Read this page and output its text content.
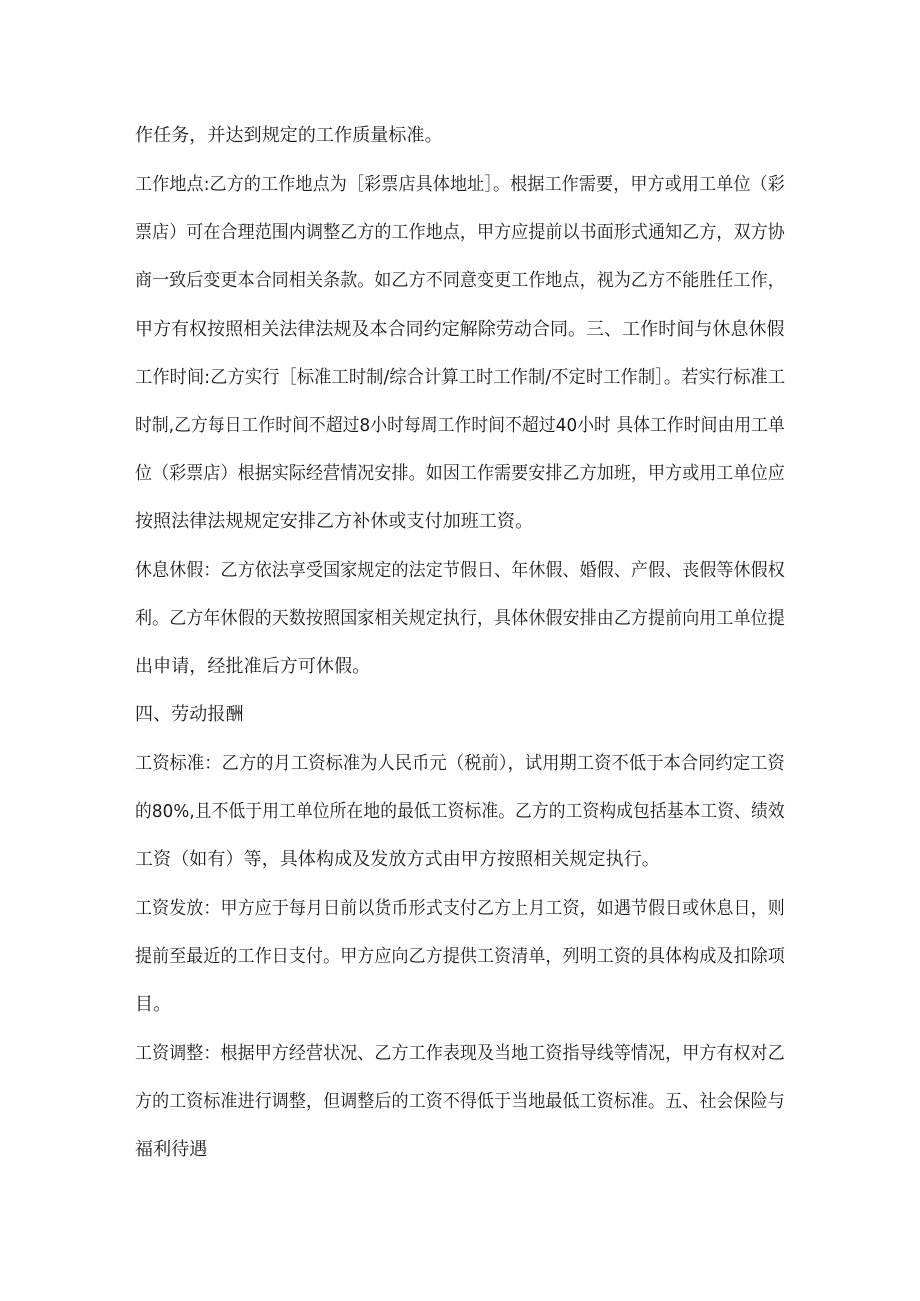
作任务，并达到规定的工作质量标准。
工作地点:乙方的工作地点为［彩票店具体地址］。根据工作需要，甲方或用工单位（彩
票店）可在合理范围内调整乙方的工作地点，甲方应提前以书面形式通知乙方，双方协
商一致后变更本合同相关条款。如乙方不同意变更工作地点，视为乙方不能胜任工作，
甲方有权按照相关法律法规及本合同约定解除劳动合同。三、工作时间与休息休假
工作时间:乙方实行［标准工时制/综合计算工时工作制/不定时工作制］。若实行标准工
时制,乙方每日工作时间不超过8小时每周工作时间不超过40小时 具体工作时间由用工单
位（彩票店）根据实际经营情况安排。如因工作需要安排乙方加班，甲方或用工单位应
按照法律法规规定安排乙方补休或支付加班工资。
休息休假：乙方依法享受国家规定的法定节假日、年休假、婚假、产假、丧假等休假权
利。乙方年休假的天数按照国家相关规定执行，具体休假安排由乙方提前向用工单位提
出申请，经批准后方可休假。
四、劳动报酬
工资标准：乙方的月工资标准为人民币元（税前），试用期工资不低于本合同约定工资
的80%,且不低于用工单位所在地的最低工资标准。乙方的工资构成包括基本工资、绩效
工资（如有）等，具体构成及发放方式由甲方按照相关规定执行。
工资发放：甲方应于每月日前以货币形式支付乙方上月工资，如遇节假日或休息日，则
提前至最近的工作日支付。甲方应向乙方提供工资清单，列明工资的具体构成及扣除项
目。
工资调整：根据甲方经营状况、乙方工作表现及当地工资指导线等情况，甲方有权对乙
方的工资标准进行调整，但调整后的工资不得低于当地最低工资标准。五、社会保险与
福利待遇
